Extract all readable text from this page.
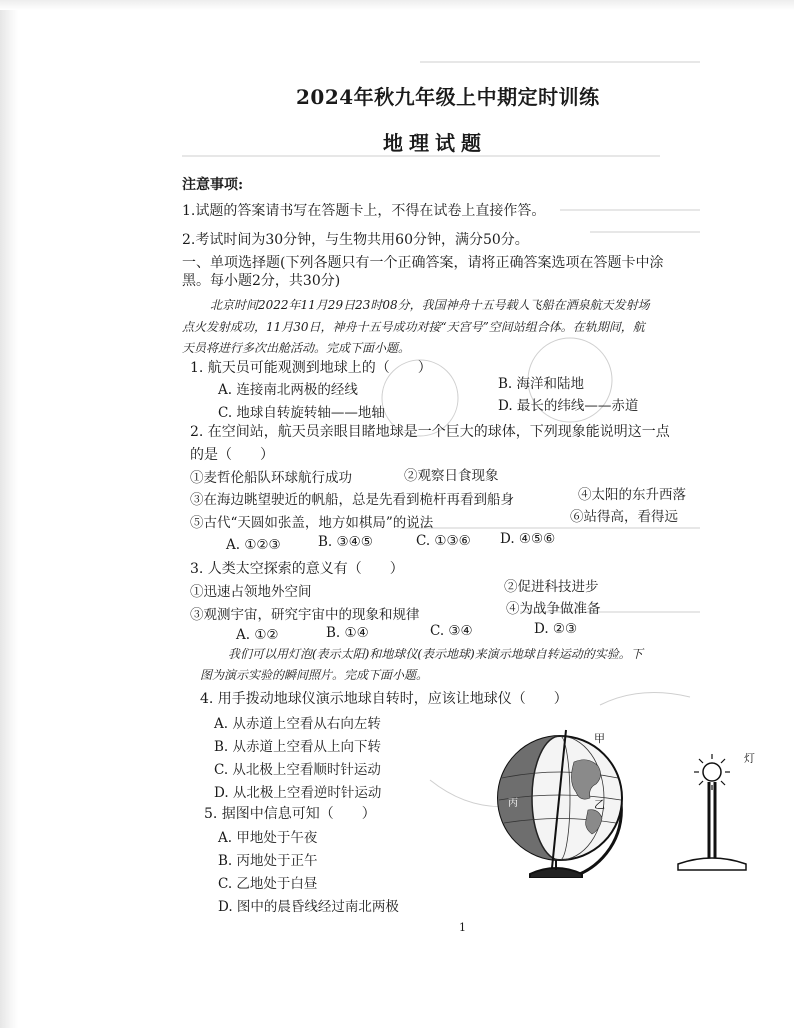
2024年秋九年级上中期定时训练
地理试题
注意事项:
1.试题的答案请书写在答题卡上，不得在试卷上直接作答。
2.考试时间为30分钟，与生物共用60分钟，满分50分。
一、单项选择题(下列各题只有一个正确答案，请将正确答案选项在答题卡中涂
黑。每小题2分，共30分)
北京时间2022年11月29日23时08分，我国神舟十五号载人飞船在酒泉航天发射场
点火发射成功，11月30日，神舟十五号成功对接“天宫号”空间站组合体。在轨期间，航
天员将进行多次出舱活动。完成下面小题。
1. 航天员可能观测到地球上的（　　）
A. 连接南北两极的经线	B. 海洋和陆地
C. 地球自转旋转轴——地轴	D. 最长的纬线——赤道
2. 在空间站，航天员亲眼目睹地球是一个巨大的球体，下列现象能说明这一点
的是（　　）
①麦哲伦船队环球航行成功	②观察日食现象
③在海边眺望驶近的帆船，总是先看到桅杆再看到船身	④太阳的东升西落
⑤古代“天圆如张盖，地方如棋局”的说法	⑥站得高，看得远
A. ①②③	B. ③④⑤	C. ①③⑥ D. ④⑤⑥
3. 人类太空探索的意义有（　　）
①迅速占领地外空间	②促进科技进步
③观测宇宙，研究宇宙中的现象和规律	④为战争做准备
A. ①②	B. ①④	C. ③④	D. ②③
我们可以用灯泡(表示太阳)和地球仪(表示地球)来演示地球自转运动的实验。下
图为演示实验的瞬间照片。完成下面小题。
4. 用手拨动地球仪演示地球自转时，应该让地球仪（　　）
A. 从赤道上空看从右向左转
B. 从赤道上空看从上向下转
C. 从北极上空看顺时针运动
D. 从北极上空看逆时针运动
5. 据图中信息可知（　　）
A. 甲地处于午夜
B. 丙地处于正午
C. 乙地处于白昼
D. 图中的晨昏线经过南北两极
甲
乙
丙
灯
1
